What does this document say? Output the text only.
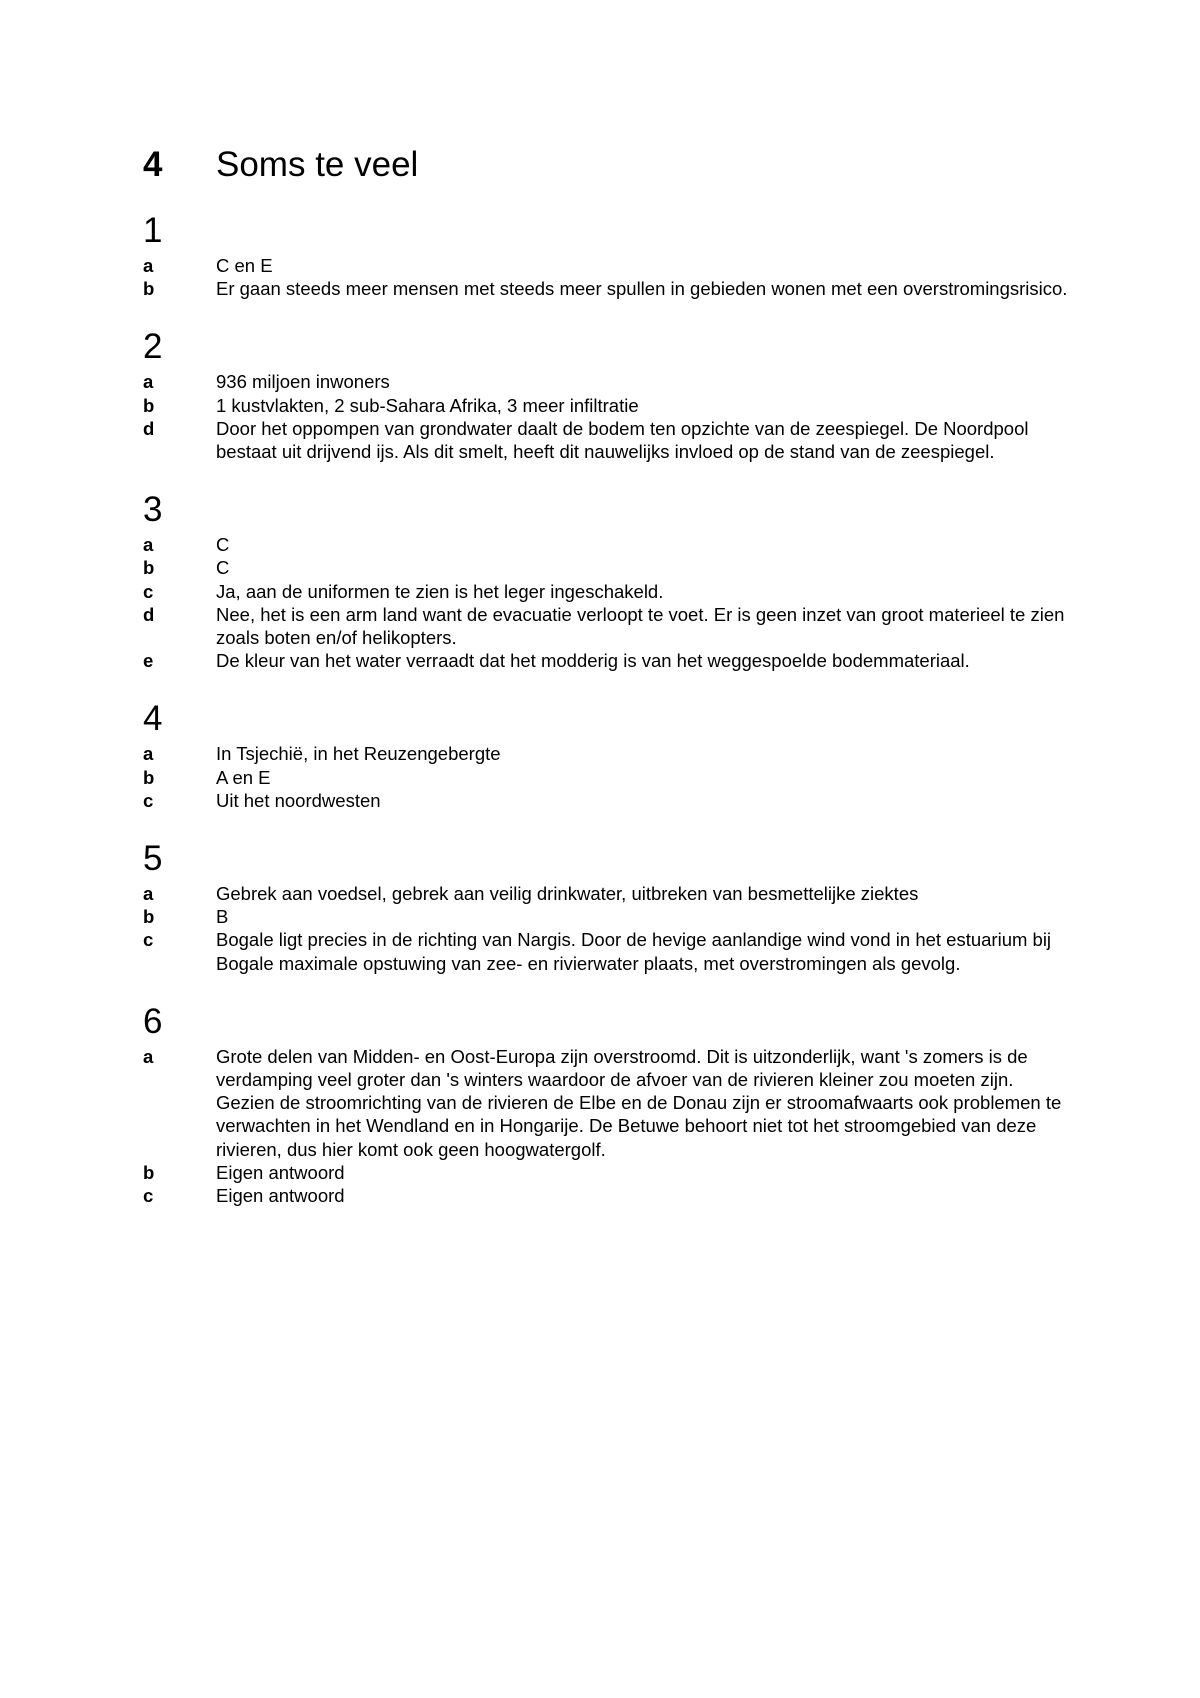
4	Soms te veel
1
a	C en E
b	Er gaan steeds meer mensen met steeds meer spullen in gebieden wonen met een overstromingsrisico.
2
a	936 miljoen inwoners
b	1 kustvlakten, 2 sub-Sahara Afrika, 3 meer infiltratie
d	Door het oppompen van grondwater daalt de bodem ten opzichte van de zeespiegel. De Noordpool bestaat uit drijvend ijs. Als dit smelt, heeft dit nauwelijks invloed op de stand van de zeespiegel.
3
a	C
b	C
c	Ja, aan de uniformen te zien is het leger ingeschakeld.
d	Nee, het is een arm land want de evacuatie verloopt te voet. Er is geen inzet van groot materieel te zien zoals boten en/of helikopters.
e	De kleur van het water verraadt dat het modderig is van het weggespoelde bodemmateriaal.
4
a	In Tsjechië, in het Reuzengebergte
b	A en E
c	Uit het noordwesten
5
a	Gebrek aan voedsel, gebrek aan veilig drinkwater, uitbreken van besmettelijke ziektes
b	B
c	Bogale ligt precies in de richting van Nargis. Door de hevige aanlandige wind vond in het estuarium bij Bogale maximale opstuwing van zee- en rivierwater plaats, met overstromingen als gevolg.
6
a	Grote delen van Midden- en Oost-Europa zijn overstroomd. Dit is uitzonderlijk, want 's zomers is de verdamping veel groter dan 's winters waardoor de afvoer van de rivieren kleiner zou moeten zijn. Gezien de stroomrichting van de rivieren de Elbe en de Donau zijn er stroomafwaarts ook problemen te verwachten in het Wendland en in Hongarije. De Betuwe behoort niet tot het stroomgebied van deze rivieren, dus hier komt ook geen hoogwatergolf.
b	Eigen antwoord
c	Eigen antwoord
